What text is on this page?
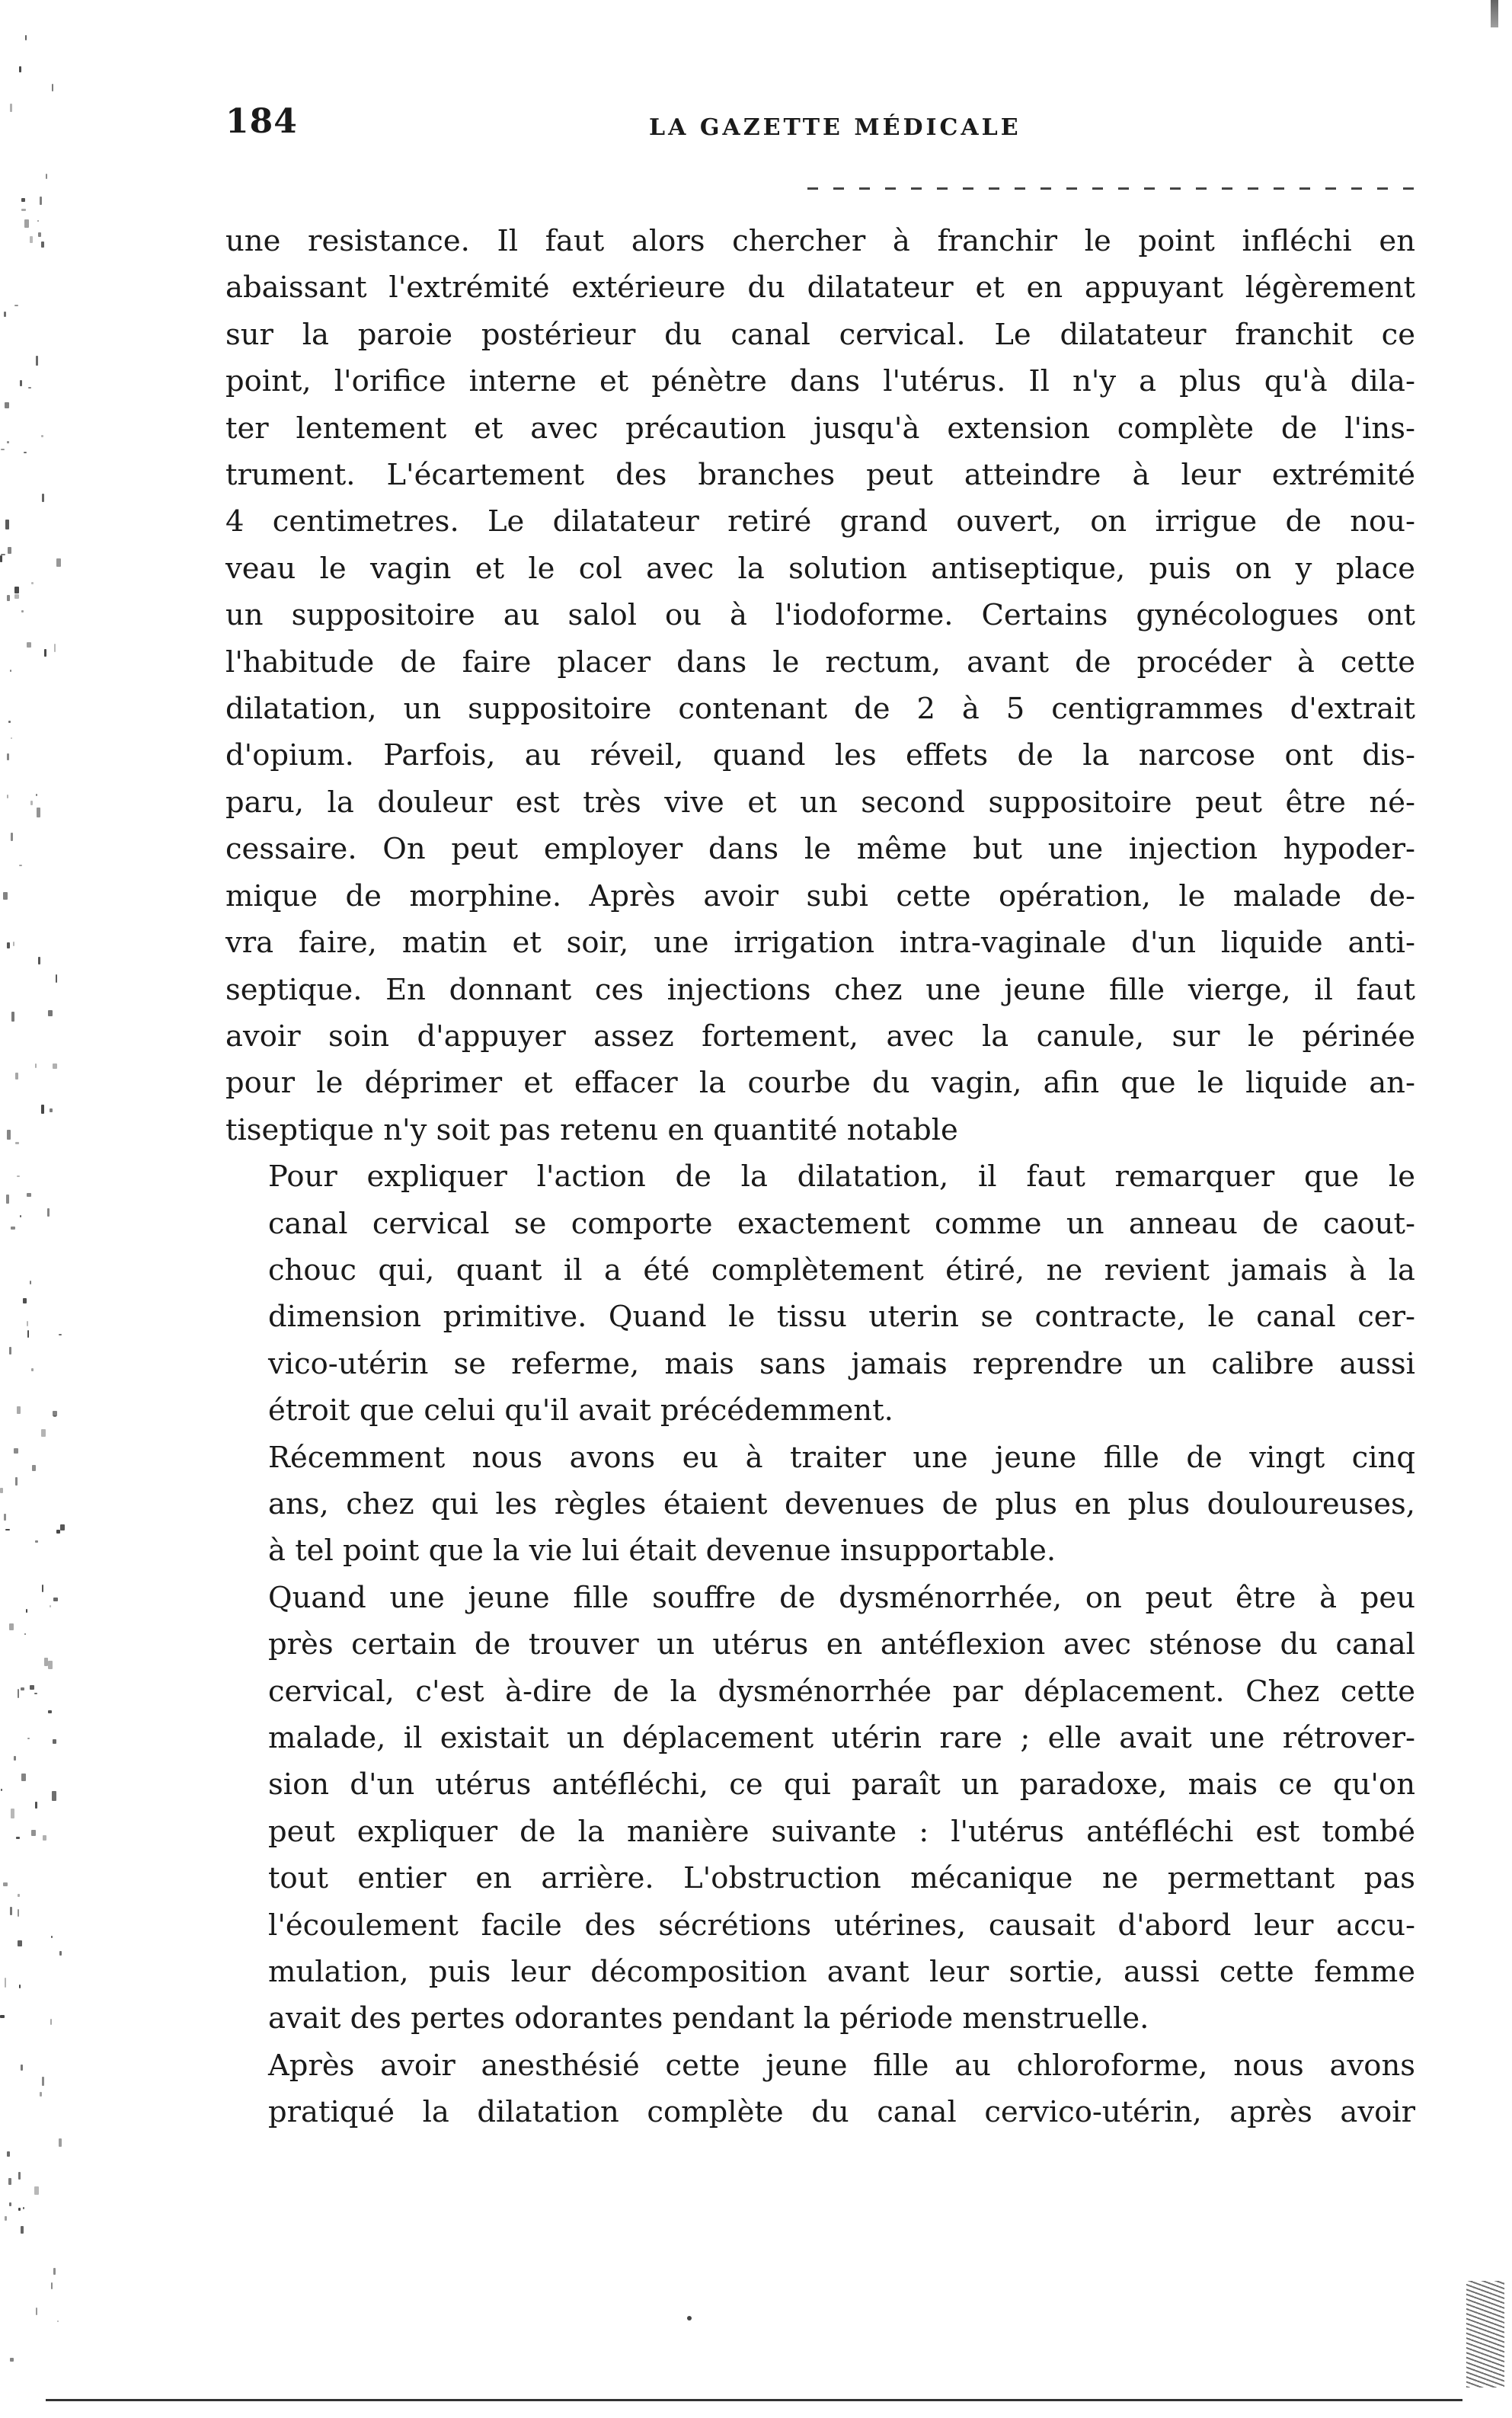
184	LA GAZETTE MÉDICALE

une resistance. Il faut alors chercher à franchir le point infléchi en
abaissant l'extrémité extérieure du dilatateur et en appuyant légèrement
sur la paroie postérieur du canal cervical. Le dilatateur franchit ce
point, l'orifice interne et pénètre dans l'utérus. Il n'y a plus qu'à dila-
ter lentement et avec précaution jusqu'à extension complète de l'ins-
trument. L'écartement des branches peut atteindre à leur extrémité
4 centimetres. Le dilatateur retiré grand ouvert, on irrigue de nou-
veau le vagin et le col avec la solution antiseptique, puis on y place
un suppositoire au salol ou à l'iodoforme. Certains gynécologues ont
l'habitude de faire placer dans le rectum, avant de procéder à cette
dilatation, un suppositoire contenant de 2 à 5 centigrammes d'extrait
d'opium. Parfois, au réveil, quand les effets de la narcose ont dis-
paru, la douleur est très vive et un second suppositoire peut être né-
cessaire. On peut employer dans le même but une injection hypoder-
mique de morphine. Après avoir subi cette opération, le malade de-
vra faire, matin et soir, une irrigation intra-vaginale d'un liquide anti-
septique. En donnant ces injections chez une jeune fille vierge, il faut
avoir soin d'appuyer assez fortement, avec la canule, sur le périnée
pour le déprimer et effacer la courbe du vagin, afin que le liquide an-
tiseptique n'y soit pas retenu en quantité notable

Pour expliquer l'action de la dilatation, il faut remarquer que le
canal cervical se comporte exactement comme un anneau de caout-
chouc qui, quant il a été complètement étiré, ne revient jamais à la
dimension primitive. Quand le tissu uterin se contracte, le canal cer-
vico-utérin se referme, mais sans jamais reprendre un calibre aussi
étroit que celui qu'il avait précédemment.

Récemment nous avons eu à traiter une jeune fille de vingt cinq
ans, chez qui les règles étaient devenues de plus en plus douloureuses,
à tel point que la vie lui était devenue insupportable.

Quand une jeune fille souffre de dysménorrhée, on peut être à peu
près certain de trouver un utérus en antéflexion avec sténose du canal
cervical, c'est à-dire de la dysménorrhée par déplacement. Chez cette
malade, il existait un déplacement utérin rare ; elle avait une rétrover-
sion d'un utérus antéfléchi, ce qui paraît un paradoxe, mais ce qu'on
peut expliquer de la manière suivante : l'utérus antéfléchi est tombé
tout entier en arrière. L'obstruction mécanique ne permettant pas
l'écoulement facile des sécrétions utérines, causait d'abord leur accu-
mulation, puis leur décomposition avant leur sortie, aussi cette femme
avait des pertes odorantes pendant la période menstruelle.

Après avoir anesthésié cette jeune fille au chloroforme, nous avons
pratiqué la dilatation complète du canal cervico-utérin, après avoir
